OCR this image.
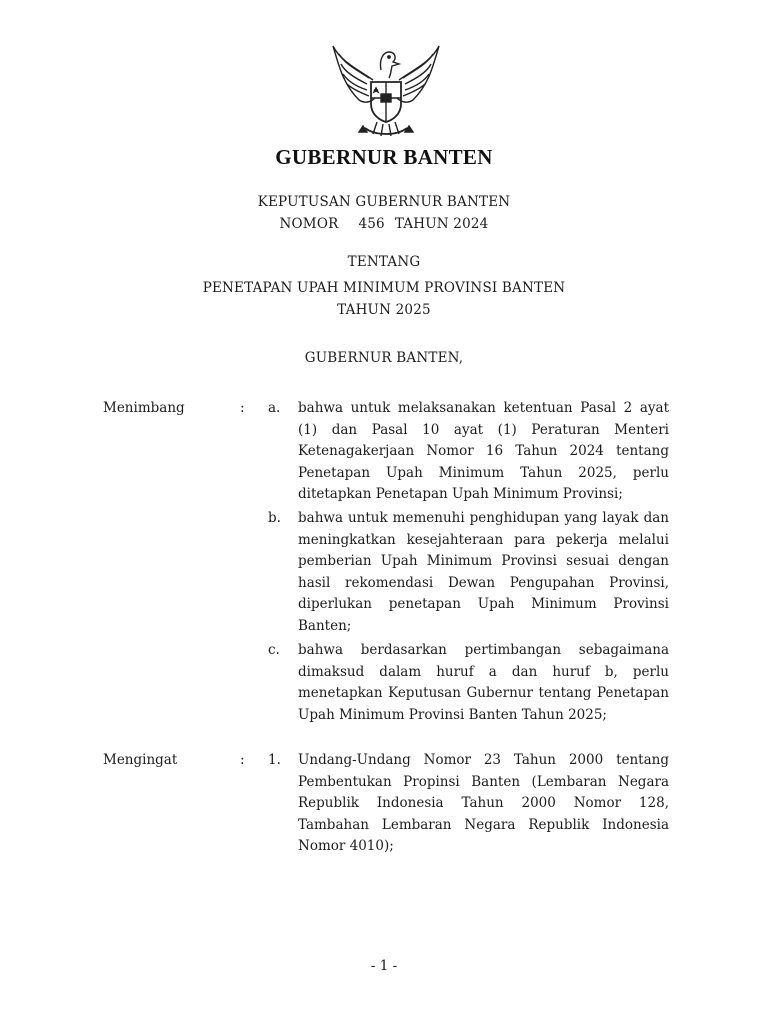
GUBERNUR BANTEN
KEPUTUSAN GUBERNUR BANTEN
NOMOR 456 TAHUN 2024
TENTANG
PENETAPAN UPAH MINIMUM PROVINSI BANTEN
TAHUN 2025
GUBERNUR BANTEN,
Menimbang	: a. bahwa untuk melaksanakan ketentuan Pasal 2 ayat (1) dan Pasal 10 ayat (1) Peraturan Menteri Ketenagakerjaan Nomor 16 Tahun 2024 tentang Penetapan Upah Minimum Tahun 2025, perlu ditetapkan Penetapan Upah Minimum Provinsi;
b. bahwa untuk memenuhi penghidupan yang layak dan meningkatkan kesejahteraan para pekerja melalui pemberian Upah Minimum Provinsi sesuai dengan hasil rekomendasi Dewan Pengupahan Provinsi, diperlukan penetapan Upah Minimum Provinsi Banten;
c. bahwa berdasarkan pertimbangan sebagaimana dimaksud dalam huruf a dan huruf b, perlu menetapkan Keputusan Gubernur tentang Penetapan Upah Minimum Provinsi Banten Tahun 2025;
Mengingat	: 1. Undang-Undang Nomor 23 Tahun 2000 tentang Pembentukan Propinsi Banten (Lembaran Negara Republik Indonesia Tahun 2000 Nomor 128, Tambahan Lembaran Negara Republik Indonesia Nomor 4010);
- 1 -
